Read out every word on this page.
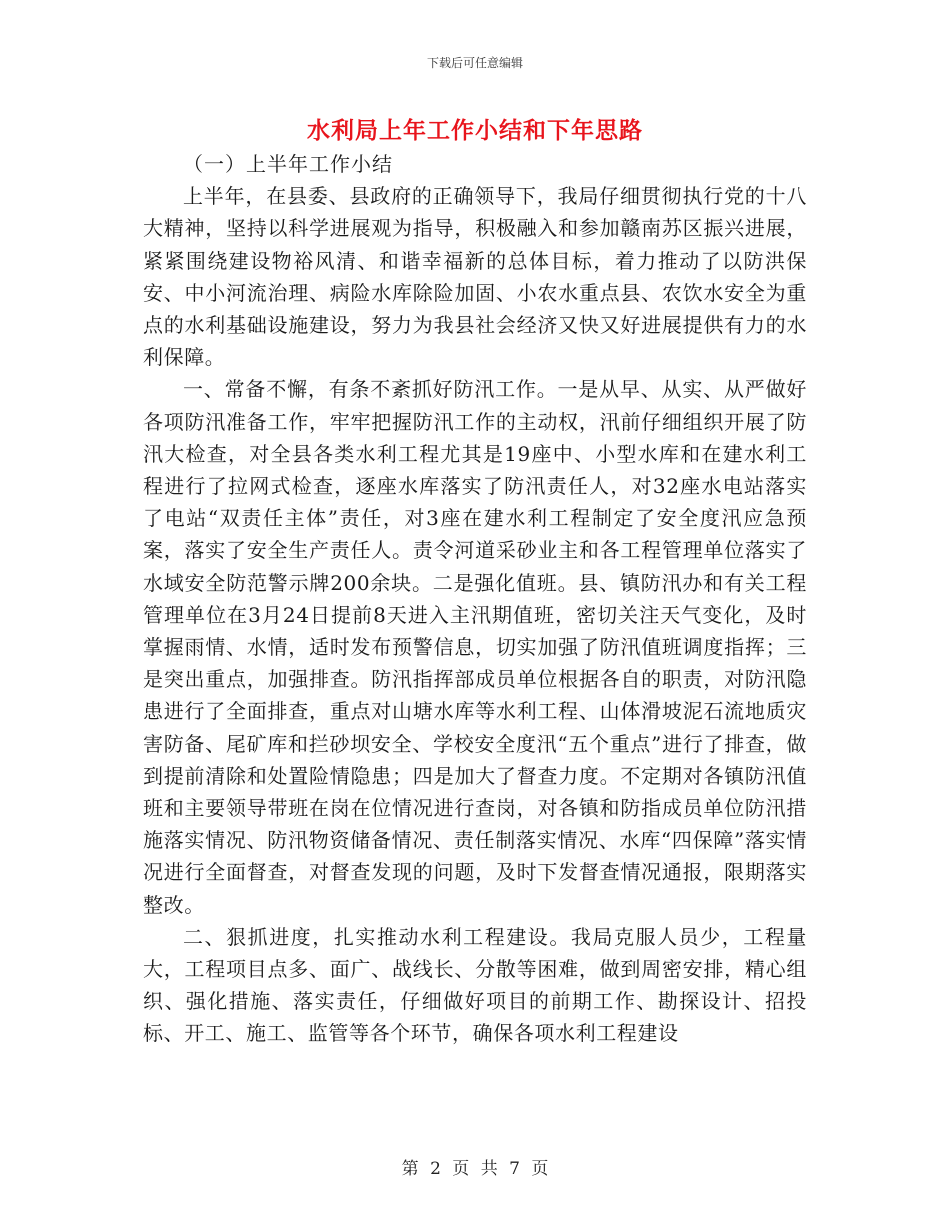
下载后可任意编辑
水利局上年工作小结和下年思路

（一）上半年工作小结

上半年，在县委、县政府的正确领导下，我局仔细贯彻执行党的十八大精神，坚持以科学进展观为指导，积极融入和参加赣南苏区振兴进展，紧紧围绕建设物裕风清、和谐幸福新的总体目标，着力推动了以防洪保安、中小河流治理、病险水库除险加固、小农水重点县、农饮水安全为重点的水利基础设施建设，努力为我县社会经济又快又好进展提供有力的水利保障。

一、常备不懈，有条不紊抓好防汛工作。一是从早、从实、从严做好各项防汛准备工作，牢牢把握防汛工作的主动权，汛前仔细组织开展了防汛大检查，对全县各类水利工程尤其是19座中、小型水库和在建水利工程进行了拉网式检查，逐座水库落实了防汛责任人，对32座水电站落实了电站“双责任主体”责任，对3座在建水利工程制定了安全度汛应急预案，落实了安全生产责任人。责令河道采砂业主和各工程管理单位落实了水域安全防范警示牌200余块。二是强化值班。县、镇防汛办和有关工程管理单位在3月24日提前8天进入主汛期值班，密切关注天气变化，及时掌握雨情、水情，适时发布预警信息，切实加强了防汛值班调度指挥；三是突出重点，加强排查。防汛指挥部成员单位根据各自的职责，对防汛隐患进行了全面排查，重点对山塘水库等水利工程、山体滑坡泥石流地质灾害防备、尾矿库和拦砂坝安全、学校安全度汛“五个重点”进行了排查，做到提前清除和处置险情隐患；四是加大了督查力度。不定期对各镇防汛值班和主要领导带班在岗在位情况进行查岗，对各镇和防指成员单位防汛措施落实情况、防汛物资储备情况、责任制落实情况、水库“四保障”落实情况进行全面督查，对督查发现的问题，及时下发督查情况通报，限期落实整改。

二、狠抓进度，扎实推动水利工程建设。我局克服人员少，工程量大，工程项目点多、面广、战线长、分散等困难，做到周密安排，精心组织、强化措施、落实责任，仔细做好项目的前期工作、勘探设计、招投标、开工、施工、监管等各个环节，确保各项水利工程建设

第 2 页 共 7 页
